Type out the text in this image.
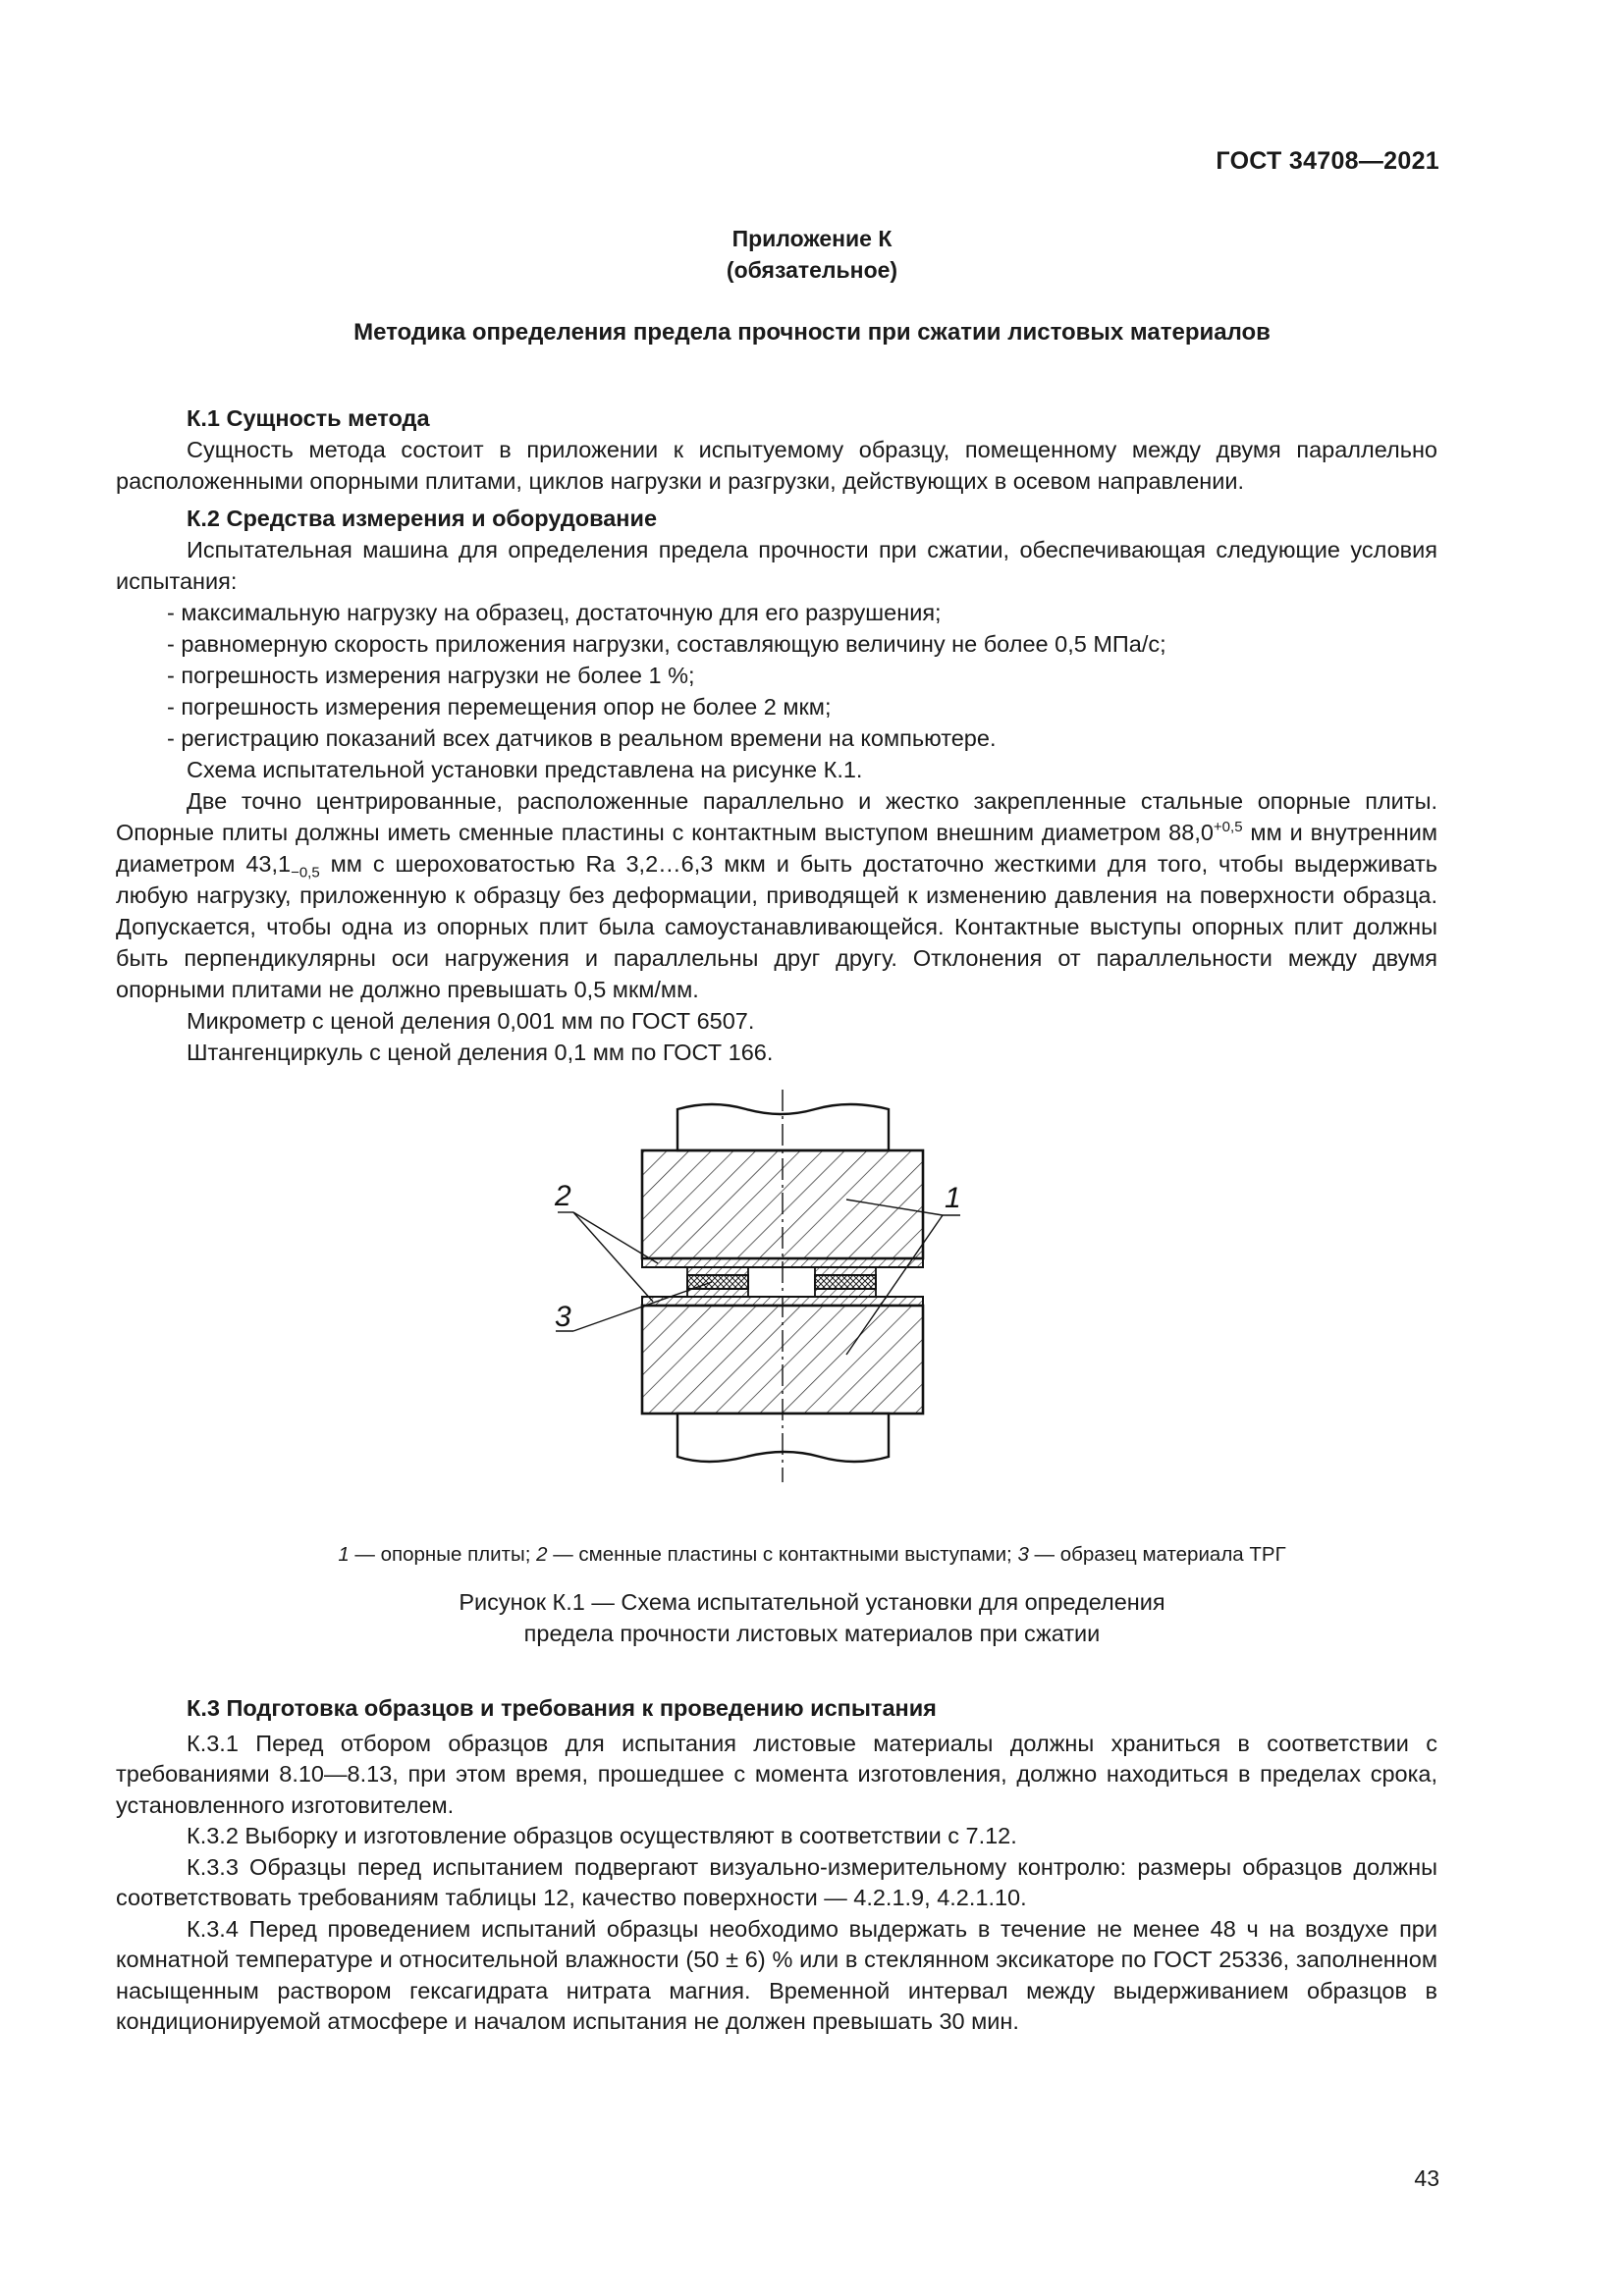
ГОСТ 34708—2021
Приложение К
(обязательное)
Методика определения предела прочности при сжатии листовых материалов

К.1 Сущность метода

Сущность метода состоит в приложении к испытуемому образцу, помещенному между двумя параллельно расположенными опорными плитами, циклов нагрузки и разгрузки, действующих в осевом направлении.

К.2 Средства измерения и оборудование

Испытательная машина для определения предела прочности при сжатии, обеспечивающая следующие условия испытания:

- максимальную нагрузку на образец, достаточную для его разрушения;

- равномерную скорость приложения нагрузки, составляющую величину не более 0,5 МПа/с;

- погрешность измерения нагрузки не более 1 %;

- погрешность измерения перемещения опор не более 2 мкм;

- регистрацию показаний всех датчиков в реальном времени на компьютере.

Схема испытательной установки представлена на рисунке К.1.

Две точно центрированные, расположенные параллельно и жестко закрепленные стальные опорные плиты. Опорные плиты должны иметь сменные пластины с контактным выступом внешним диаметром $88,0^{+0,5}$ мм и внутренним диаметром $43,1_{-0,5}$ мм с шероховатостью Ra 3,2…6,3 мкм и быть достаточно жесткими для того, чтобы выдерживать любую нагрузку, приложенную к образцу без деформации, приводящей к изменению давления на поверхности образца. Допускается, чтобы одна из опорных плит была самоустанавливающейся. Контактные выступы опорных плит должны быть перпендикулярны оси нагружения и параллельны друг другу. Отклонения от параллельности между двумя опорными плитами не должно превышать 0,5 мкм/мм.

Микрометр с ценой деления 0,001 мм по ГОСТ 6507.

Штангенциркуль с ценой деления 0,1 мм по ГОСТ 166.

1
2
3
1 — опорные плиты; 2 — сменные пластины с контактными выступами; 3 — образец материала ТРГ
Рисунок К.1 — Схема испытательной установки для определения
предела прочности листовых материалов при сжатии

К.3 Подготовка образцов и требования к проведению испытания

К.3.1 Перед отбором образцов для испытания листовые материалы должны храниться в соответствии с требованиями 8.10—8.13, при этом время, прошедшее с момента изготовления, должно находиться в пределах срока, установленного изготовителем.

К.3.2 Выборку и изготовление образцов осуществляют в соответствии с 7.12.

К.3.3 Образцы перед испытанием подвергают визуально-измерительному контролю: размеры образцов должны соответствовать требованиям таблицы 12, качество поверхности — 4.2.1.9, 4.2.1.10.

К.3.4 Перед проведением испытаний образцы необходимо выдержать в течение не менее 48 ч на воздухе при комнатной температуре и относительной влажности (50 ± 6) % или в стеклянном эксикаторе по ГОСТ 25336, заполненном насыщенным раствором гексагидрата нитрата магния. Временной интервал между выдерживанием образцов в кондиционируемой атмосфере и началом испытания не должен превышать 30 мин.

43
